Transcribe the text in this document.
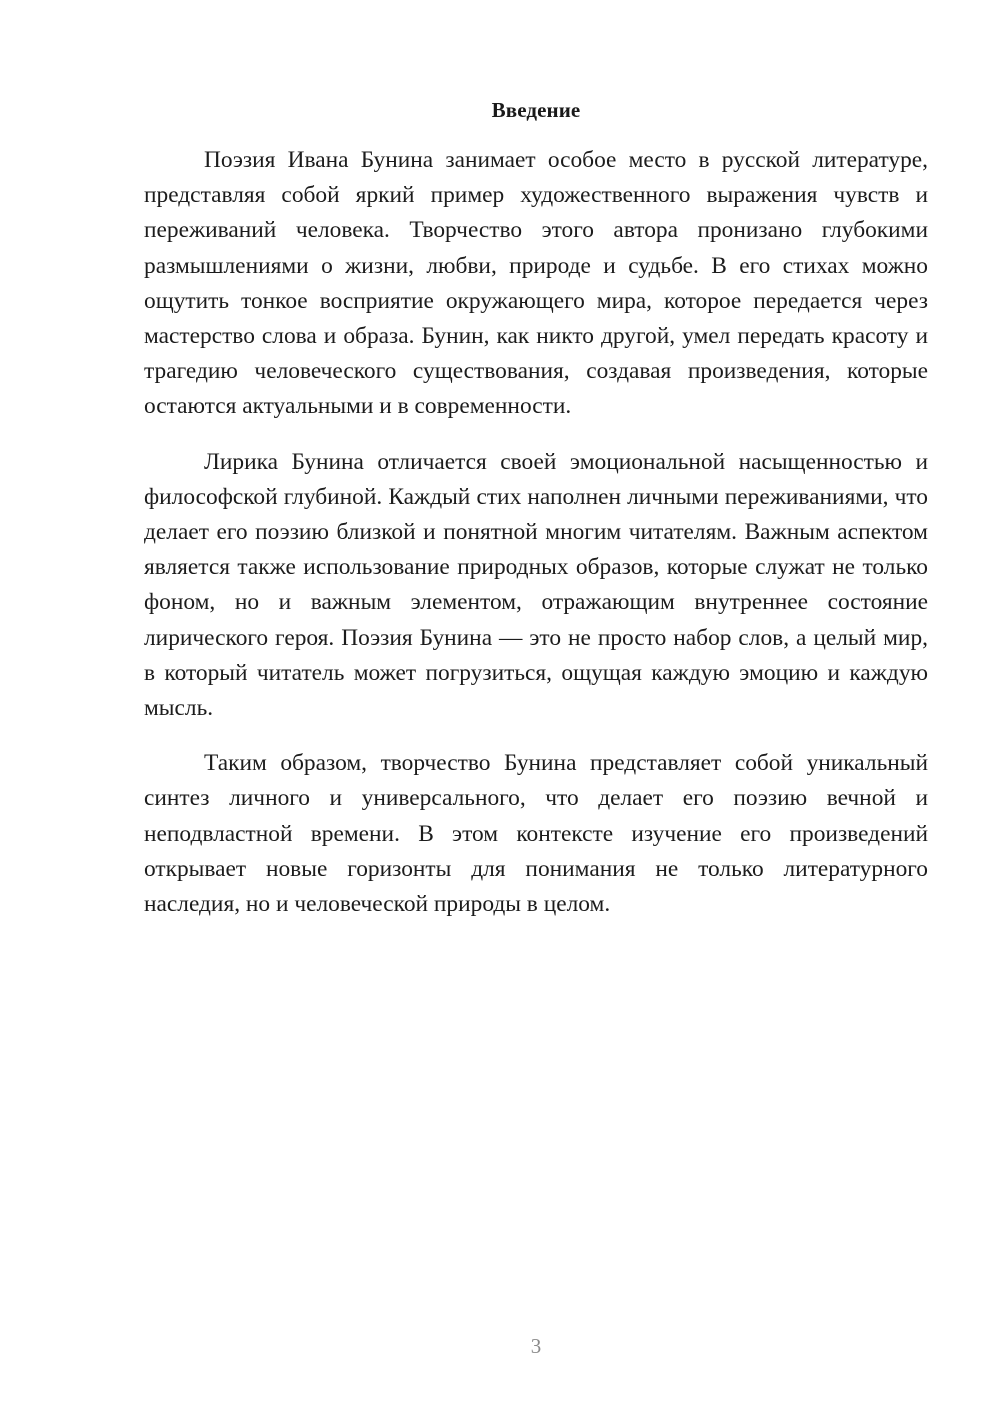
Введение

Поэзия Ивана Бунина занимает особое место в русской литературе, представляя собой яркий пример художественного выражения чувств и переживаний человека. Творчество этого автора пронизано глубокими размышлениями о жизни, любви, природе и судьбе. В его стихах можно ощутить тонкое восприятие окружающего мира, которое передается через мастерство слова и образа. Бунин, как никто другой, умел передать красоту и трагедию человеческого существования, создавая произведения, которые остаются актуальными и в современности.

Лирика Бунина отличается своей эмоциональной насыщенностью и философской глубиной. Каждый стих наполнен личными переживаниями, что делает его поэзию близкой и понятной многим читателям. Важным аспектом является также использование природных образов, которые служат не только фоном, но и важным элементом, отражающим внутреннее состояние лирического героя. Поэзия Бунина — это не просто набор слов, а целый мир, в который читатель может погрузиться, ощущая каждую эмоцию и каждую мысль.

Таким образом, творчество Бунина представляет собой уникальный синтез личного и универсального, что делает его поэзию вечной и неподвластной времени. В этом контексте изучение его произведений открывает новые горизонты для понимания не только литературного наследия, но и человеческой природы в целом.

3
